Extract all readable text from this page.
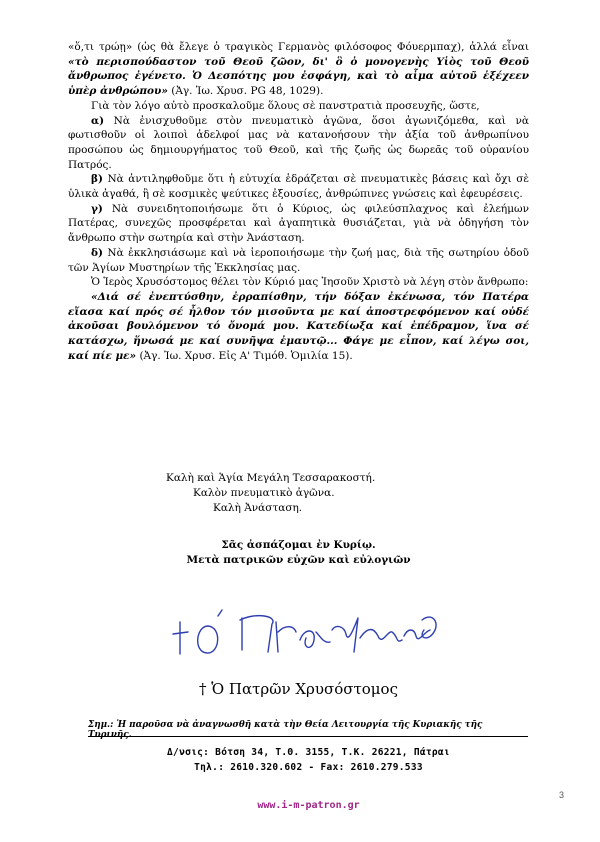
«ὅ,τι τρώῃ» (ὡς θὰ ἔλεγε ὁ τραγικὸς Γερμανὸς φιλόσοφος Φόυερμπαχ), ἀλλά εἶναι «τὸ περισπούδαστον τοῦ Θεοῦ ζῶον, δι' ὃ ὁ μονογενὴς Υἱὸς τοῦ Θεοῦ ἄνθρωπος ἐγένετο. Ὁ Δεσπότης μου ἐσφάγη, καὶ τὸ αἷμα αὐτοῦ ἐξέχεεν ὑπὲρ ἀνθρώπου» (Ἀγ. Ἰω. Χρυσ. PG 48, 1029).

Γιὰ τὸν λόγο αὐτὸ προσκαλοῦμε ὅλους σὲ πανστρατιὰ προσευχῆς, ὥστε,

α) Νὰ ἐνισχυθοῦμε στὸν πνευματικὸ ἀγῶνα, ὅσοι ἀγωνιζόμεθα, καὶ νὰ φωτισθοῦν οἱ λοιποὶ ἀδελφοί μας νὰ κατανοήσουν τὴν ἀξία τοῦ ἀνθρωπίνου προσώπου ὡς δημιουργήματος τοῦ Θεοῦ, καὶ τῆς ζωῆς ὡς δωρεᾶς τοῦ οὐρανίου Πατρός.

β) Νὰ ἀντιληφθοῦμε ὅτι ἡ εὐτυχία ἑδράζεται σὲ πνευματικὲς βάσεις καὶ ὄχι σὲ ὑλικὰ ἀγαθά, ἢ σὲ κοσμικὲς ψεύτικες ἐξουσίες, ἀνθρώπινες γνώσεις καὶ ἐφευρέσεις.

γ) Νὰ συνειδητοποιήσωμε ὅτι ὁ Κύριος, ὡς φιλεύσπλαχνος καὶ ἐλεήμων Πατέρας, συνεχῶς προσφέρεται καὶ ἀγαπητικὰ θυσιάζεται, γιὰ νὰ ὁδηγήση τὸν ἄνθρωπο στὴν σωτηρία καὶ στὴν Ἀνάσταση.

δ) Νὰ ἐκκλησιάσωμε καὶ νὰ ἱεροποιήσωμε τὴν ζωή μας, διὰ τῆς σωτηρίου ὁδοῦ τῶν Ἁγίων Μυστηρίων τῆς Ἐκκλησίας μας.

Ὁ Ἱερὸς Χρυσόστομος θέλει τὸν Κύριό μας Ἰησοῦν Χριστὸ νὰ λέγη στὸν ἄνθρωπο:

«Διά σέ ἐνεπτύσθην, ἐρραπίσθην, τήν δόξαν ἐκένωσα, τόν Πατέρα εἴασα καί πρός σέ ἦλθον τόν μισοῦντα με καί ἀποστρεφόμενον καί οὐδέ ἀκοῦσαι βουλόμενον τό ὄνομά μου. Κατεδίωξα καί ἐπέδραμον, ἵνα σέ κατάσχω, ἥνωσά με καί συνῆψα ἐμαυτῷ... Φάγε με εἶπον, καί λέγω σοι, καί πίε με» (Ἀγ. Ἰω. Χρυσ. Εἰς Α' Τιμόθ. Ὁμιλία 15).

Καλὴ καὶ Ἁγία Μεγάλη Τεσσαρακοστή.
Καλὸν πνευματικὸ ἀγῶνα.
Καλὴ Ἀνάσταση.
Σᾶς ἀσπάζομαι ἐν Κυρίῳ.
Μετὰ πατρικῶν εὐχῶν καὶ εὐλογιῶν
† Ὁ Πατρῶν Χρυσόστομος
Σημ.: Ἡ παροῦσα νὰ ἀναγνωσθῆ κατὰ τὴν Θεία Λειτουργία τῆς Κυριακῆς τῆς Τυρινῆς.
Δ/νσις: Βότση 34, Τ.Θ. 3155, Τ.Κ. 26221, Πάτραι
Τηλ.: 2610.320.602 - Fax: 2610.279.533
www.i-m-patron.gr
3
